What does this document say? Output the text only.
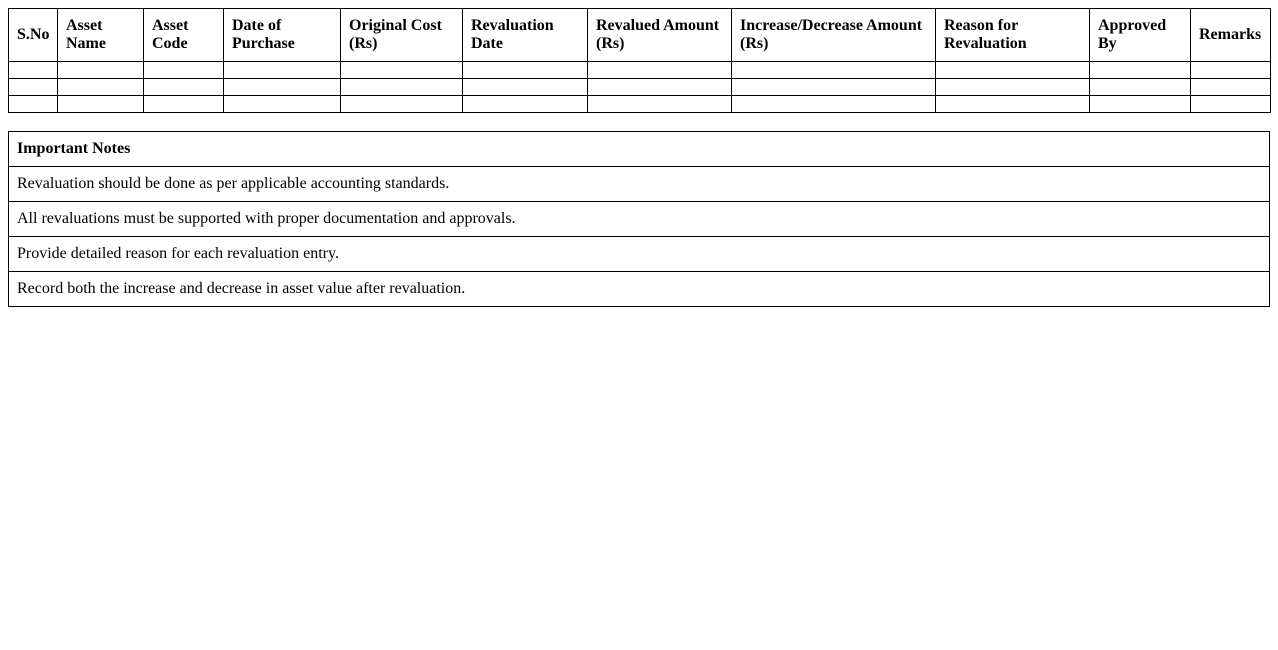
S.No	Asset Name	Asset Code	Date of Purchase	Original Cost (Rs)	Revaluation Date	Revalued Amount (Rs)	Increase/Decrease Amount (Rs)	Reason for Revaluation	Approved By	Remarks

Important Notes
Revaluation should be done as per applicable accounting standards.
All revaluations must be supported with proper documentation and approvals.
Provide detailed reason for each revaluation entry.
Record both the increase and decrease in asset value after revaluation.
